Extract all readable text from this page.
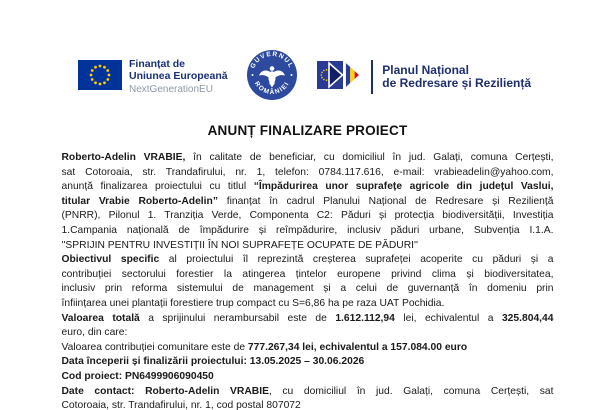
Finanțat de
Uniunea Europeană
NextGenerationEU
GUVERNUL
ROMÂNIEI
Planul Național
de Redresare și Reziliență
ANUNȚ FINALIZARE PROIECT
Roberto-Adelin VRABIE, în calitate de beneficiar, cu domiciliul în jud. Galați, comuna Cerțești,
sat Cotoroaia, str. Trandafirului, nr. 1, telefon: 0784.117.616, e-mail: vrabieadelin@yahoo.com,
anunță finalizarea proiectului cu titlul “Împădurirea unor suprafețe agricole din județul Vaslui,
titular Vrabie Roberto-Adelin” finanțat în cadrul Planului Național de Redresare și Reziliență
(PNRR), Pilonul 1. Tranziția Verde, Componenta C2: Păduri și protecția biodiversității, Investiția
1.Campania națională de împădurire și reîmpădurire, inclusiv păduri urbane, Subvenția I.1.A.
''SPRIJIN PENTRU INVESTIȚII ÎN NOI SUPRAFEȚE OCUPATE DE PĂDURI''
Obiectivul specific al proiectului îl reprezintă creșterea suprafeței acoperite cu păduri și a
contribuției sectorului forestier la atingerea țintelor europene privind clima și biodiversitatea,
inclusiv prin reforma sistemului de management și a celui de guvernanță în domeniu prin
înființarea unei plantații forestiere trup compact cu S=6,86 ha pe raza UAT Pochidia.
Valoarea totală a sprijinului nerambursabil este de 1.612.112,94 lei, echivalentul a 325.804,44
euro, din care:
Valoarea contribuției comunitare este de 777.267,34 lei, echivalentul a 157.084.00 euro
Data începerii și finalizării proiectului: 13.05.2025 – 30.06.2026
Cod proiect: PN6499906090450
Date contact: Roberto-Adelin VRABIE, cu domiciliul în jud. Galați, comuna Cerțești, sat
Cotoroaia, str. Trandafirului, nr. 1, cod postal 807072
